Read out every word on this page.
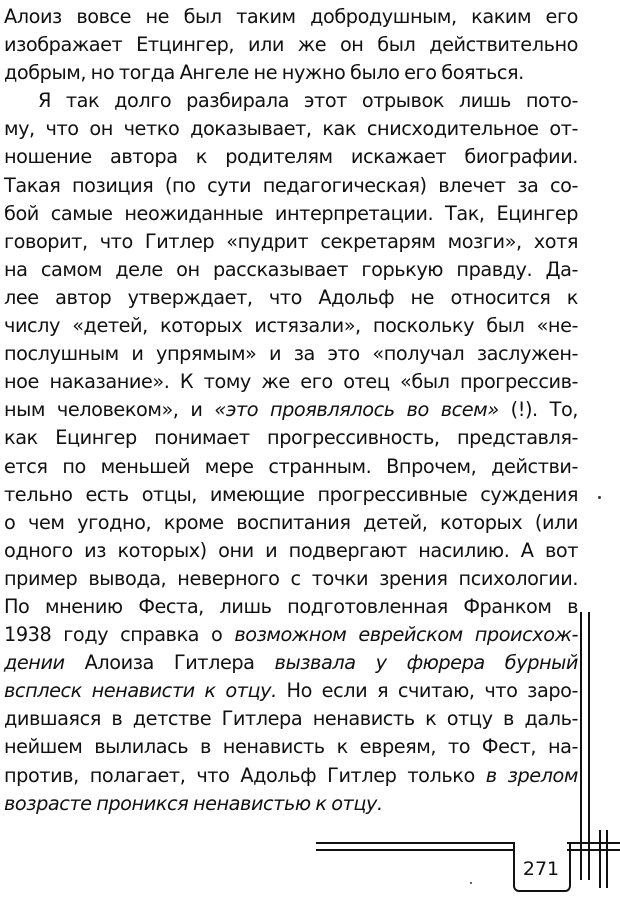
Алоиз вовсе не был таким добродушным, каким его
изображает Етцингер, или же он был действительно
добрым, но тогда Ангеле не нужно было его бояться.
Я так долго разбирала этот отрывок лишь пото-
му, что он четко доказывает, как снисходительное от-
ношение автора к родителям искажает биографии.
Такая позиция (по сути педагогическая) влечет за со-
бой самые неожиданные интерпретации. Так, Ецингер
говорит, что Гитлер «пудрит секретарям мозги», хотя
на самом деле он рассказывает горькую правду. Да-
лее автор утверждает, что Адольф не относится к
числу «детей, которых истязали», поскольку был «не-
послушным и упрямым» и за это «получал заслужен-
ное наказание». К тому же его отец «был прогрессив-
ным человеком», и «это проявлялось во всем» (!). То,
как Ецингер понимает прогрессивность, представля-
ется по меньшей мере странным. Впрочем, действи-
тельно есть отцы, имеющие прогрессивные суждения
о чем угодно, кроме воспитания детей, которых (или
одного из которых) они и подвергают насилию. А вот
пример вывода, неверного с точки зрения психологии.
По мнению Феста, лишь подготовленная Франком в
1938 году справка о возможном еврейском происхож-
дении Алоиза Гитлера вызвала у фюрера бурный
всплеск ненависти к отцу. Но если я считаю, что заро-
дившаяся в детстве Гитлера ненависть к отцу в даль-
нейшем вылилась в ненависть к евреям, то Фест, на-
против, полагает, что Адольф Гитлер только в зрелом
возрасте проникся ненавистью к отцу.
271
